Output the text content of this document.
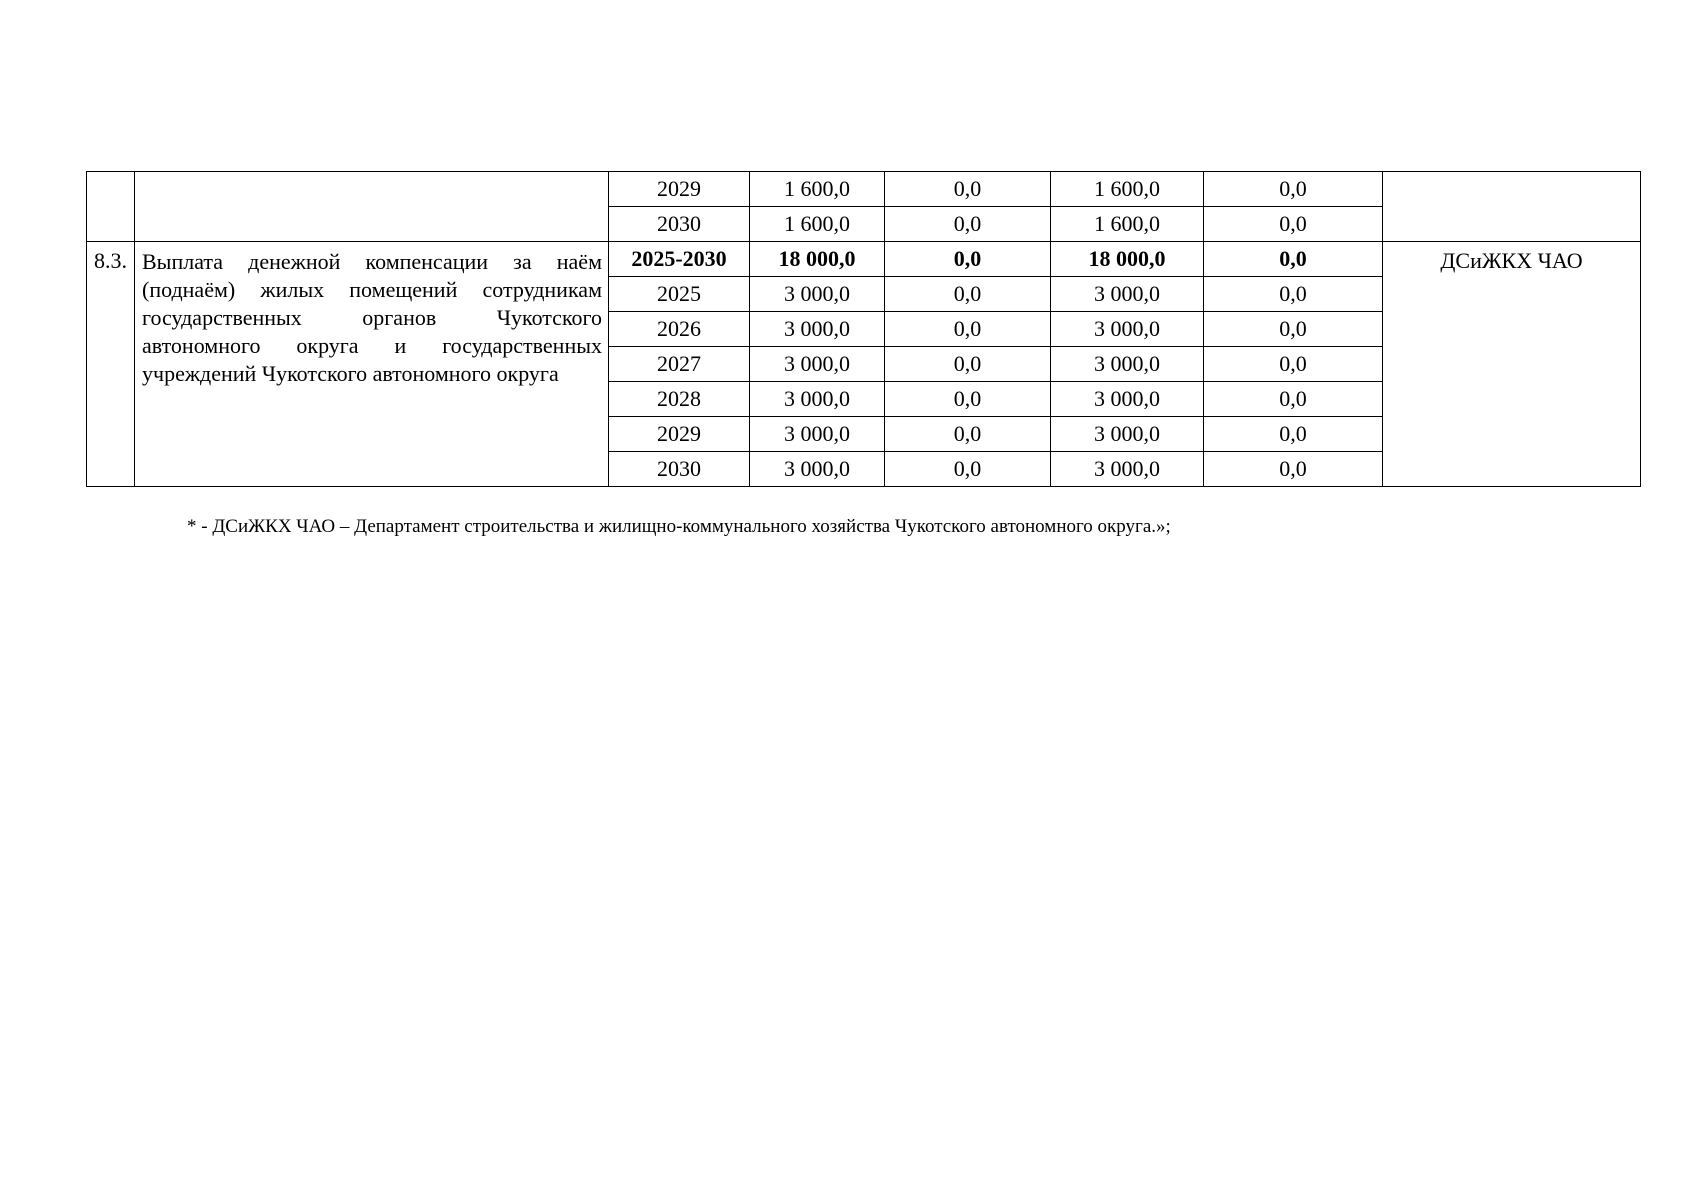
		2029	1 600,0	0,0	1 600,0	0,0	
		2030	1 600,0	0,0	1 600,0	0,0	
8.3.	Выплата денежной компенсации за наём (поднаём) жилых помещений сотрудникам государственных органов Чукотского автономного округа и государственных учреждений Чукотского автономного округа	2025-2030	18 000,0	0,0	18 000,0	0,0	ДСиЖКХ ЧАО
		2025	3 000,0	0,0	3 000,0	0,0	
		2026	3 000,0	0,0	3 000,0	0,0	
		2027	3 000,0	0,0	3 000,0	0,0	
		2028	3 000,0	0,0	3 000,0	0,0	
		2029	3 000,0	0,0	3 000,0	0,0	
		2030	3 000,0	0,0	3 000,0	0,0	
* - ДСиЖКХ ЧАО – Департамент строительства и жилищно-коммунального хозяйства Чукотского автономного округа.»;
